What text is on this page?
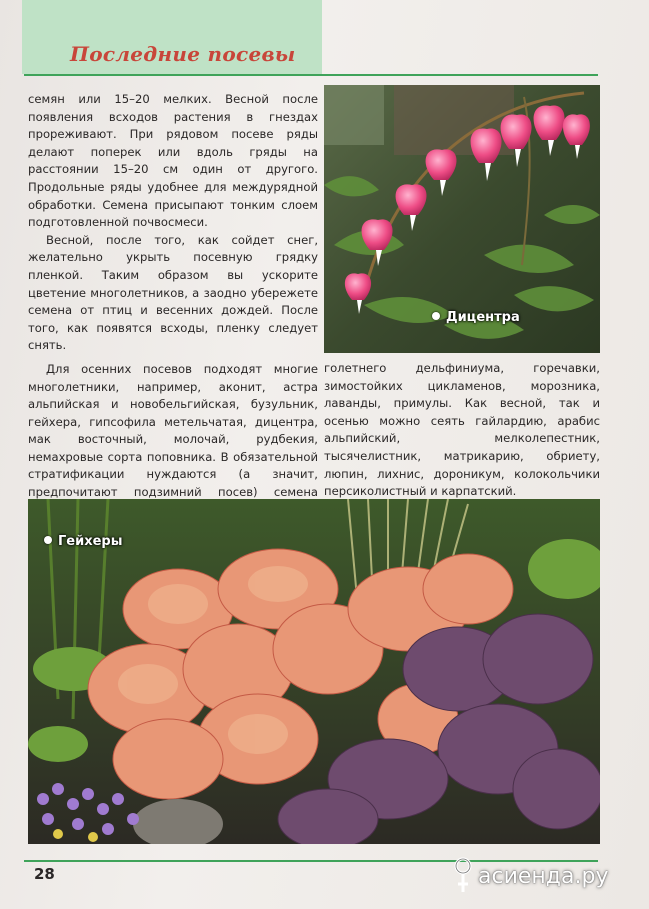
Последние посевы

семян или 15–20 мелких. Весной после появления всходов растения в гнездах прореживают. При рядовом посеве ряды делают поперек или вдоль гряды на расстоянии 15–20 см один от другого. Продольные ряды удобнее для междурядной обработки. Семена присыпают тонким слоем подготовленной почвосмеси.

Весной, после того, как сойдет снег, желательно укрыть посевную грядку пленкой. Таким образом вы ускорите цветение многолетников, а заодно убережете семена от птиц и весенних дождей. После того, как появятся всходы, пленку следует снять.

Для осенних посевов подходят многие многолетники, например, аконит, астра альпийская и новобельгийская, бузульник, гейхера, гипсофила метельчатая, дицентра, мак восточный, молочай, рудбекия, немахровые сорта поповника. В обязательной стратификации нуждаются (а значит, предпочитают подзимний посев) семена

Дицентра

голетнего дельфиниума, горечавки, зимостойких цикламенов, морозника, лаванды, примулы. Как весной, так и осенью можно сеять гайлардию, арабис альпийский, мелколепестник, тысячелистник, матрикарию, обриету, люпин, лихнис, дороникум, колокольчики персиколистный и карпатский.

Гейхеры
28	асиенда.ру
